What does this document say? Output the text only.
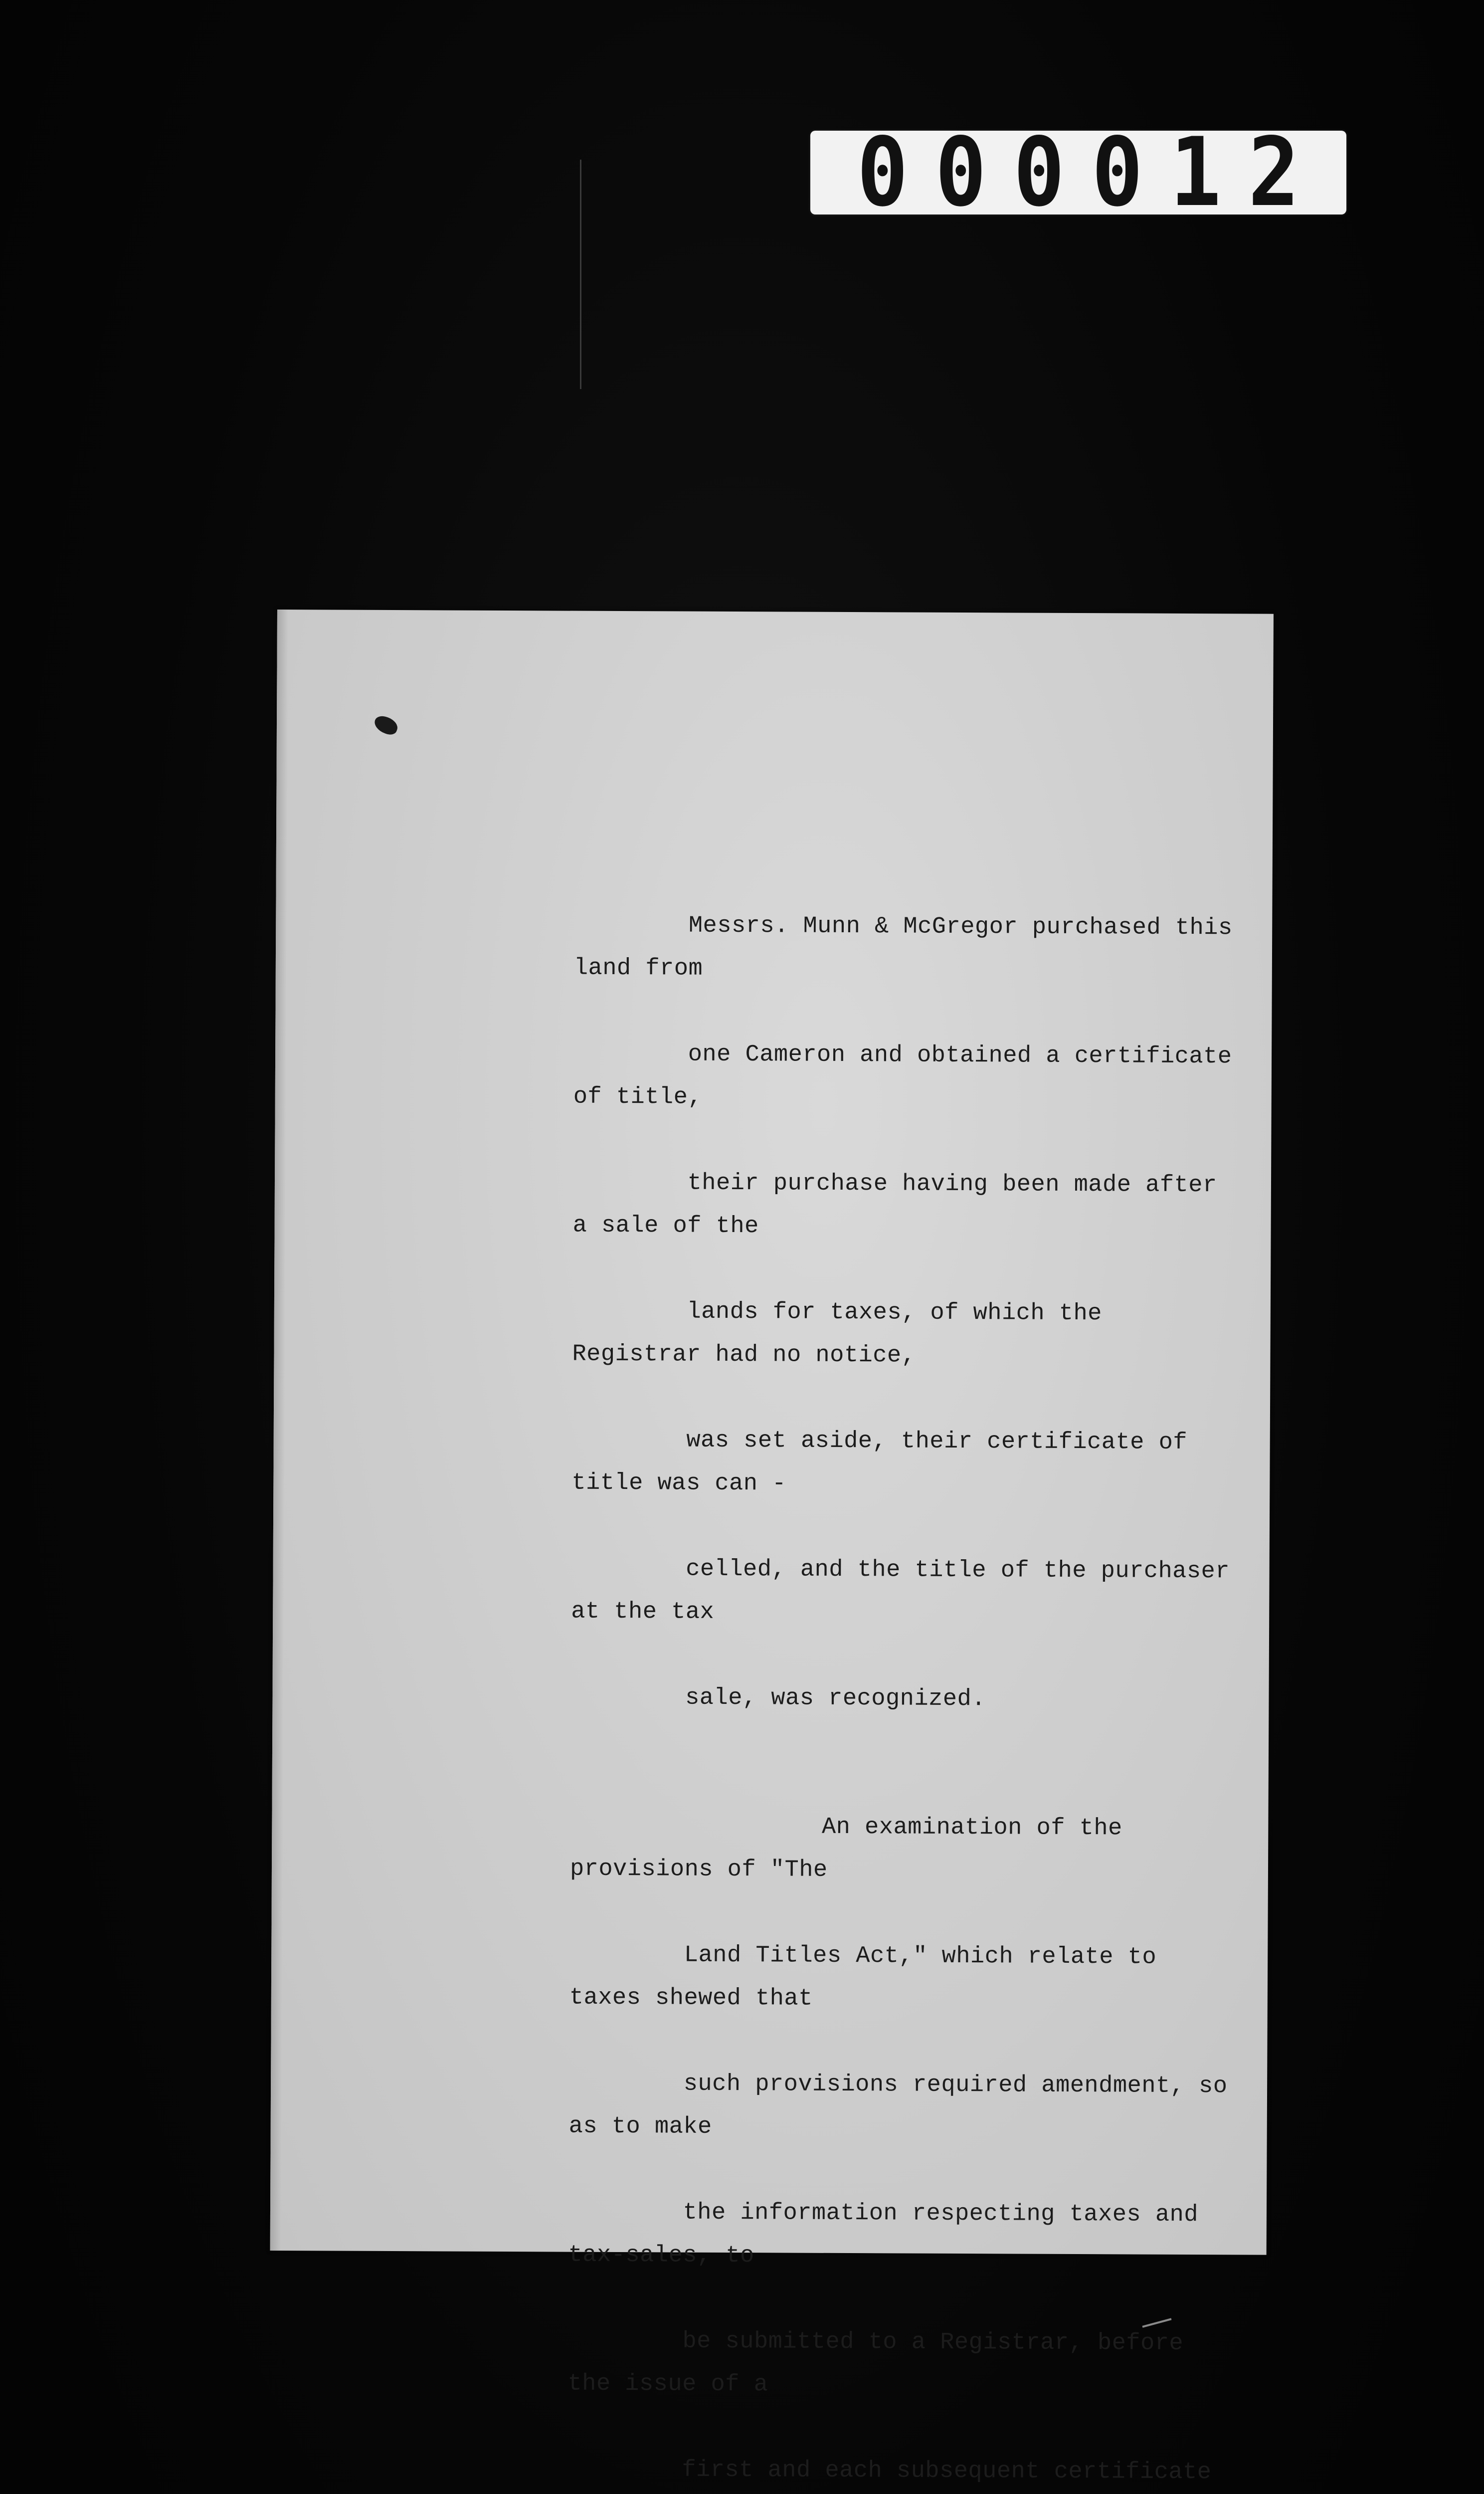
000012

Messrs. Munn & McGregor purchased this land from

one Cameron and obtained a certificate of title,

their purchase having been made after a sale of the

lands for taxes, of which the Registrar had no notice,

was set aside, their certificate of title was can -

celled, and the title of the purchaser at the tax

sale, was recognized.

An examination of the provisions of "The

Land Titles Act," which relate to taxes shewed that

such provisions required amendment, so as to make

the information respecting taxes and tax-sales, to

be submitted to a Registrar, before the issue of a

first and each subsequent certificate
